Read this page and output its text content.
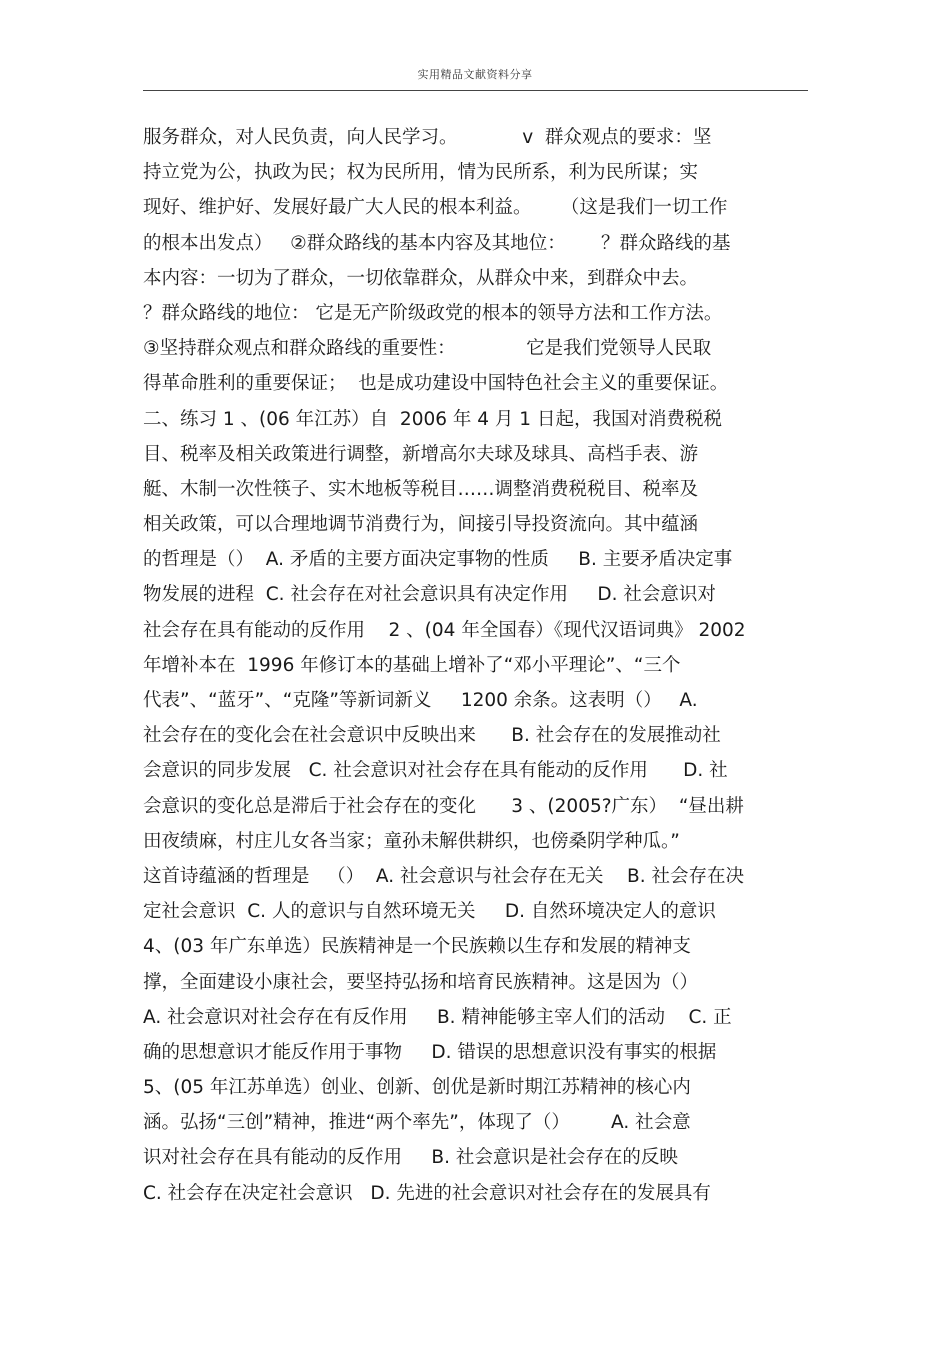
实用精品文献资料分享
服务群众，对人民负责，向人民学习。           v  群众观点的要求：坚
持立党为公，执政为民；权为民所用，情为民所系，利为民所谋；实
现好、维护好、发展好最广大人民的根本利益。     （这是我们一切工作
的根本出发点）   ②群众路线的基本内容及其地位：      ？群众路线的基
本内容：一切为了群众，一切依靠群众，从群众中来，到群众中去。
？群众路线的地位： 它是无产阶级政党的根本的领导方法和工作方法。
③坚持群众观点和群众路线的重要性：            它是我们党领导人民取
得革命胜利的重要保证；  也是成功建设中国特色社会主义的重要保证。
二、练习 1 、(06 年江苏）自  2006 年 4 月 1 日起，我国对消费税税
目、税率及相关政策进行调整，新增高尔夫球及球具、高档手表、游
艇、木制一次性筷子、实木地板等税目……调整消费税税目、税率及
相关政策，可以合理地调节消费行为，间接引导投资流向。其中蕴涵
的哲理是（）  A. 矛盾的主要方面决定事物的性质     B. 主要矛盾决定事
物发展的进程  C. 社会存在对社会意识具有决定作用     D. 社会意识对
社会存在具有能动的反作用    2 、(04 年全国春）《现代汉语词典》 2002
年增补本在  1996 年修订本的基础上增补了“邓小平理论”、“三个
代表”、“蓝牙”、“克隆”等新词新义     1200 余条。这表明（）   A.
社会存在的变化会在社会意识中反映出来      B. 社会存在的发展推动社
会意识的同步发展   C. 社会意识对社会存在具有能动的反作用      D. 社
会意识的变化总是滞后于社会存在的变化      3 、(2005?广东）  “昼出耕
田夜绩麻，村庄儿女各当家；童孙未解供耕织，也傍桑阴学种瓜。”
这首诗蕴涵的哲理是   （）  A. 社会意识与社会存在无关    B. 社会存在决
定社会意识  C. 人的意识与自然环境无关     D. 自然环境决定人的意识
4、(03 年广东单选）民族精神是一个民族赖以生存和发展的精神支
撑，全面建设小康社会，要坚持弘扬和培育民族精神。这是因为（）
A. 社会意识对社会存在有反作用     B. 精神能够主宰人们的活动    C. 正
确的思想意识才能反作用于事物     D. 错误的思想意识没有事实的根据
5、(05 年江苏单选）创业、创新、创优是新时期江苏精神的核心内
涵。弘扬“三创”精神，推进“两个率先”，体现了（）       A. 社会意
识对社会存在具有能动的反作用     B. 社会意识是社会存在的反映
C. 社会存在决定社会意识   D. 先进的社会意识对社会存在的发展具有
